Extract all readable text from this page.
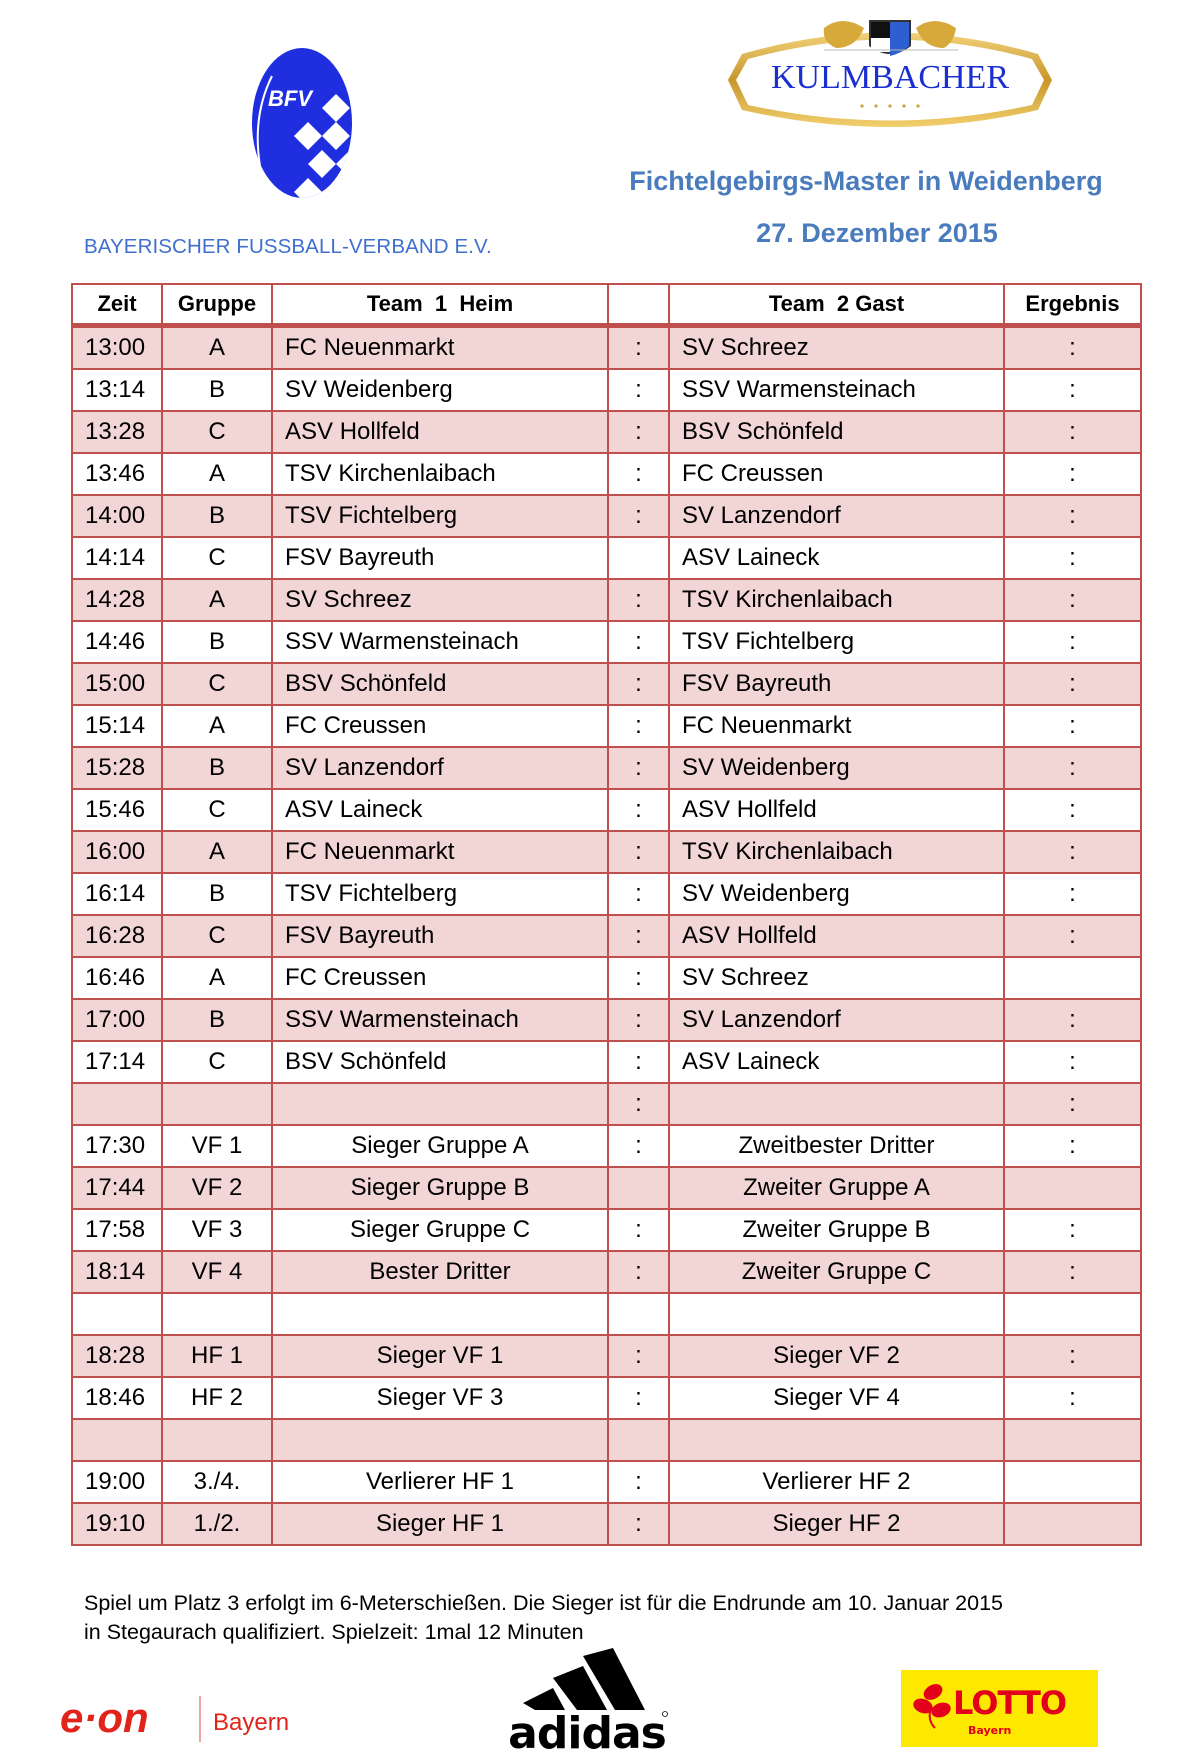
BFV
BAYERISCHER FUSSBALL-VERBAND E.V.
KULMBACHER
Fichtelgebirgs-Master in Weidenberg
27. Dezember 2015
Zeit	Gruppe	Team  1  Heim		Team  2 Gast	Ergebnis
13:00	A	FC Neuenmarkt	:	SV Schreez	:
13:14	B	SV Weidenberg	:	SSV Warmensteinach	:
13:28	C	ASV Hollfeld	:	BSV Schönfeld	:
13:46	A	TSV Kirchenlaibach	:	FC Creussen	:
14:00	B	TSV Fichtelberg	:	SV Lanzendorf	:
14:14	C	FSV Bayreuth		ASV Laineck	:
14:28	A	SV Schreez	:	TSV Kirchenlaibach	:
14:46	B	SSV Warmensteinach	:	TSV Fichtelberg	:
15:00	C	BSV Schönfeld	:	FSV Bayreuth	:
15:14	A	FC Creussen	:	FC Neuenmarkt	:
15:28	B	SV Lanzendorf	:	SV Weidenberg	:
15:46	C	ASV Laineck	:	ASV Hollfeld	:
16:00	A	FC Neuenmarkt	:	TSV Kirchenlaibach	:
16:14	B	TSV Fichtelberg	:	SV Weidenberg	:
16:28	C	FSV Bayreuth	:	ASV Hollfeld	:
16:46	A	FC Creussen	:	SV Schreez	
17:00	B	SSV Warmensteinach	:	SV Lanzendorf	:
17:14	C	BSV Schönfeld	:	ASV Laineck	:
			:		:
17:30	VF 1	Sieger Gruppe A	:	Zweitbester Dritter	:
17:44	VF 2	Sieger Gruppe B		Zweiter Gruppe A	
17:58	VF 3	Sieger Gruppe C	:	Zweiter Gruppe B	:
18:14	VF 4	Bester Dritter	:	Zweiter Gruppe C	:

18:28	HF 1	Sieger VF 1	:	Sieger VF 2	:
18:46	HF 2	Sieger VF 3	:	Sieger VF 4	:

19:00	3./4.	Verlierer HF 1	:	Verlierer HF 2	
19:10	1./2.	Sieger HF 1	:	Sieger HF 2	
Spiel um Platz 3 erfolgt im 6-Meterschießen. Die Sieger ist für die Endrunde am 10. Januar 2015
in Stegaurach qualifiziert. Spielzeit: 1mal 12 Minuten
e·on	Bayern	adidas
LOTTO
Bayern
